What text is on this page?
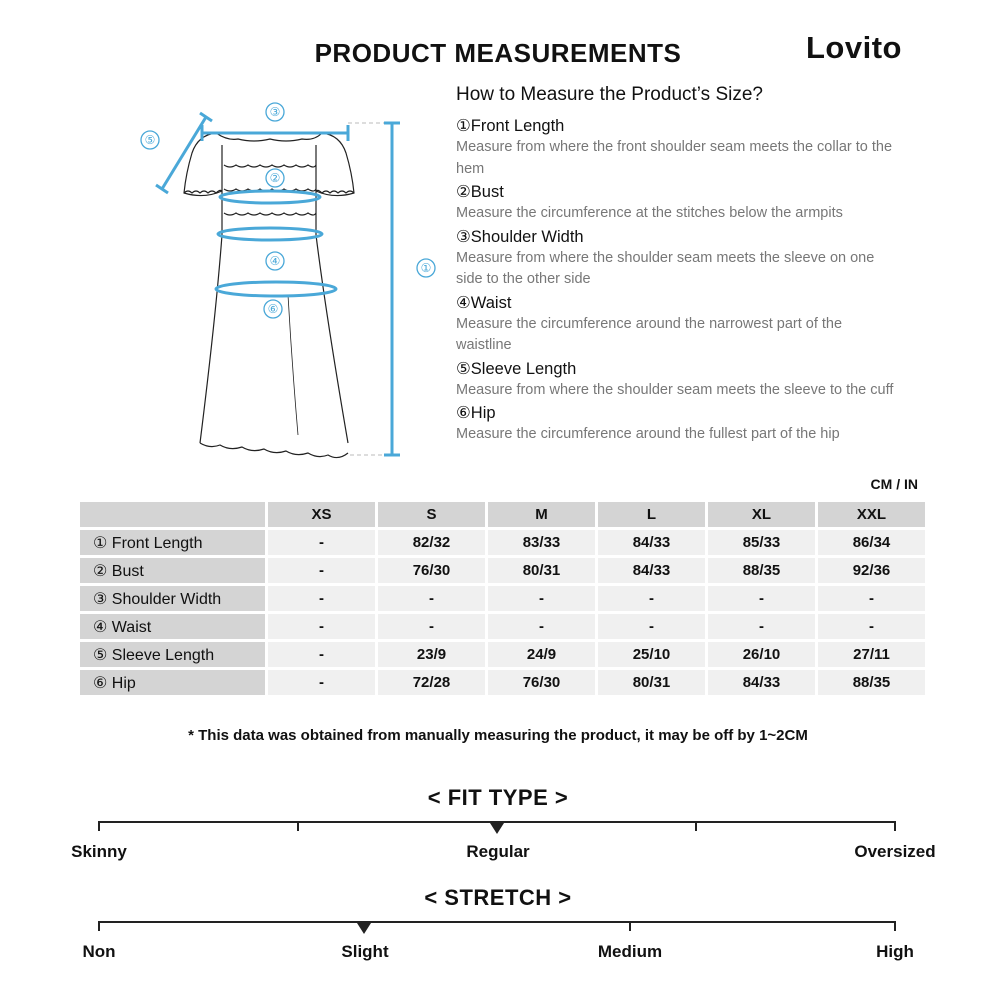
PRODUCT MEASUREMENTS	Lovito
③
⑤
②
④
⑥
①
How to Measure the Product’s Size?
①Front Length
Measure from where the front shoulder seam meets the collar to the hem
②Bust
Measure the circumference at the stitches below the armpits
③Shoulder Width
Measure from where the shoulder seam meets the sleeve on one side to the other side
④Waist
Measure the circumference around the narrowest part of the waistline
⑤Sleeve Length
Measure from where the shoulder seam meets the sleeve to the cuff
⑥Hip
Measure the circumference around the fullest part of the hip
CM / IN
	XS	S	M	L	XL	XXL
① Front Length	-	82/32	83/33	84/33	85/33	86/34
② Bust	-	76/30	80/31	84/33	88/35	92/36
③ Shoulder Width	-	-	-	-	-	-
④ Waist	-	-	-	-	-	-
⑤ Sleeve Length	-	23/9	24/9	25/10	26/10	27/11
⑥ Hip	-	72/28	76/30	80/31	84/33	88/35
* This data was obtained from manually measuring the product, it may be off by 1~2CM
< FIT TYPE >
Skinny	Regular	Oversized
< STRETCH >
Non	Slight	Medium	High
